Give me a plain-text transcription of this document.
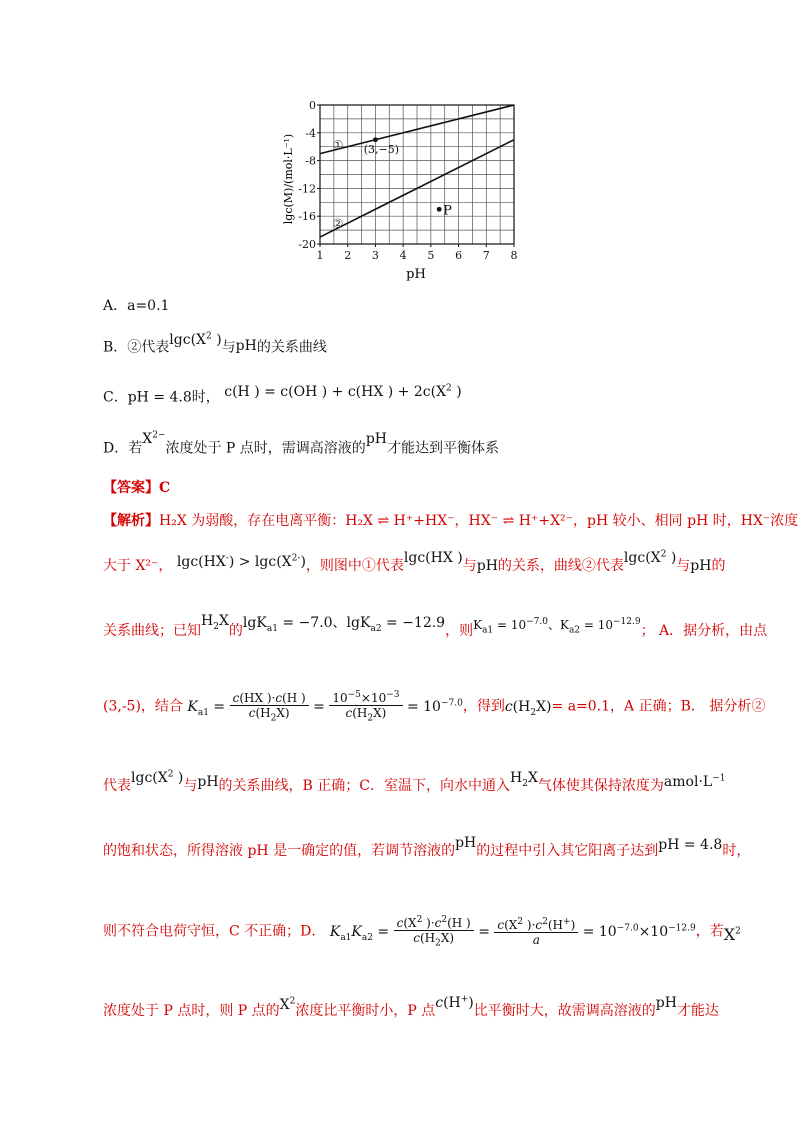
①
②
(3,−5)
P
1 2 3 4 5 6 7 8
0
-4
-8
-12
-16
-20
pH
lgc(M)/(mol·L⁻¹)
A．a=0.1
B．②代表$\lg c(X^2$ )与pH的关系曲线
C．pH = 4.8时， c(H ) = c(OH ) + c(HX ) + $2c(X^2$ )
D．若$X^{2-}$浓度处于 P 点时，需调高溶液的pH才能达到平衡体系
【答案】C
【解析】H₂X 为弱酸，存在电离平衡：H₂X ⇌ H⁺+HX⁻，HX⁻ ⇌ H⁺+X²⁻，pH 较小、相同 pH 时，HX⁻浓度
大于 X²⁻， $\lg c(HX^-) > \lg c(X^{2-})$，则图中①代表lgc(HX )与pH的关系，曲线②代表$\lg c(X^2$ )与pH的
关系曲线；已知$H_2X$的lgK$_{a1}$ = −7.0、lgK$_{a2}$ = −12.9，则$K_{a1} = 10^{-7.0}$、$K_{a2} = 10^{-12.9}$； A．据分析，由点
(3,-5)，结合 $K_{a1} = \frac{c(HX )\cdot c(H )}{c(H_2X)} = \frac{10^{-5}\times 10^{-3}}{c(H_2X)} = 10^{-7.0}$，得到$c(H_2X)= a=0.1$，A 正确；B． 据分析②
代表$\lg c(X^2$ )与pH的关系曲线，B 正确；C．室温下，向水中通入$H_2X$气体使其保持浓度为$amol\cdot L^{-1}$
的饱和状态，所得溶液 pH 是一确定的值，若调节溶液的pH的过程中引入其它阳离子达到pH = 4.8时，
则不符合电荷守恒，C 不正确；D． $K_{a1}K_{a2} = \frac{c(X^2 )\cdot c^2(H )}{c(H_2X)} = \frac{c(X^2 )\cdot c^2(H^+)}{a} = 10^{-7.0}\times 10^{-12.9}$，若$X^2$
浓度处于 P 点时，则 P 点的$X^2$浓度比平衡时小，P 点c(H+)比平衡时大，故需调高溶液的pH才能达
